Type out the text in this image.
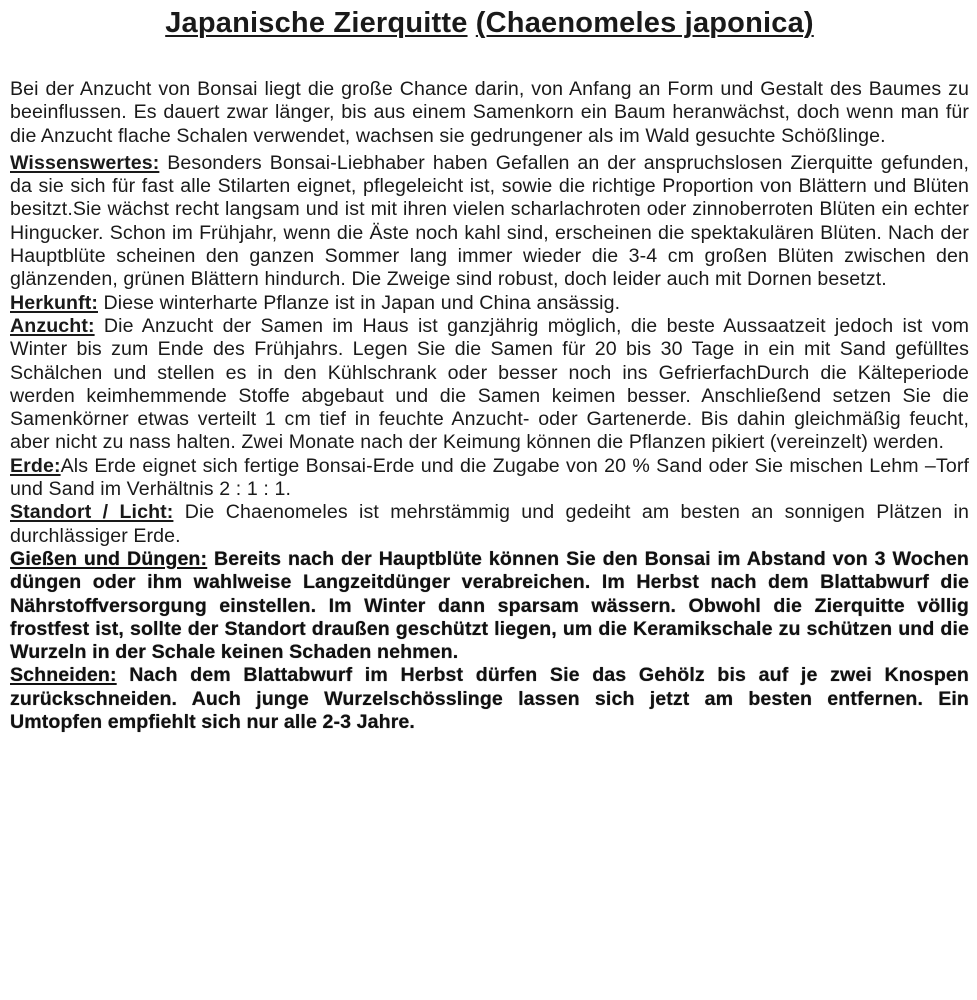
Japanische Zierquitte (Chaenomeles japonica)

Bei der Anzucht von Bonsai liegt die große Chance darin, von Anfang an Form und Gestalt des Baumes zu beeinflussen. Es dauert zwar länger, bis aus einem Samenkorn ein Baum heranwächst, doch wenn man für die Anzucht flache Schalen verwendet, wachsen sie gedrungener als im Wald gesuchte Schößlinge.

Wissenswertes: Besonders Bonsai-Liebhaber haben Gefallen an der anspruchslosen Zierquitte gefunden, da sie sich für fast alle Stilarten eignet, pflegeleicht ist, sowie die richtige Proportion von Blättern und Blüten besitzt.Sie wächst recht langsam und ist mit ihren vielen scharlachroten oder zinnoberroten Blüten ein echter Hingucker. Schon im Frühjahr, wenn die Äste noch kahl sind, erscheinen die spektakulären Blüten. Nach der Hauptblüte scheinen den ganzen Sommer lang immer wieder die 3-4 cm großen Blüten zwischen den glänzenden, grünen Blättern hindurch. Die Zweige sind robust, doch leider auch mit Dornen besetzt.

Herkunft: Diese winterharte Pflanze ist in Japan und China ansässig.

Anzucht: Die Anzucht der Samen im Haus ist ganzjährig möglich, die beste Aussaatzeit jedoch ist vom Winter bis zum Ende des Frühjahrs. Legen Sie die Samen für 20 bis 30 Tage in ein mit Sand gefülltes Schälchen und stellen es in den Kühlschrank oder besser noch ins GefrierfachDurch die Kälteperiode werden keimhemmende Stoffe abgebaut und die Samen keimen besser. Anschließend setzen Sie die Samenkörner etwas verteilt 1 cm tief in feuchte Anzucht- oder Gartenerde. Bis dahin gleichmäßig feucht, aber nicht zu nass halten. Zwei Monate nach der Keimung können die Pflanzen pikiert (vereinzelt) werden.

Erde:Als Erde eignet sich fertige Bonsai-Erde und die Zugabe von 20 % Sand oder Sie mischen Lehm –Torf und Sand im Verhältnis 2 : 1 : 1.

Standort / Licht: Die Chaenomeles ist mehrstämmig und gedeiht am besten an sonnigen Plätzen in durchlässiger Erde.

Gießen und Düngen: Bereits nach der Hauptblüte können Sie den Bonsai im Abstand von 3 Wochen düngen oder ihm wahlweise Langzeitdünger verabreichen. Im Herbst nach dem Blattabwurf die Nährstoffversorgung einstellen. Im Winter dann sparsam wässern. Obwohl die Zierquitte völlig frostfest ist, sollte der Standort draußen geschützt liegen, um die Keramikschale zu schützen und die Wurzeln in der Schale keinen Schaden nehmen.

Schneiden: Nach dem Blattabwurf im Herbst dürfen Sie das Gehölz bis auf je zwei Knospen zurückschneiden. Auch junge Wurzelschösslinge lassen sich jetzt am besten entfernen. Ein Umtopfen empfiehlt sich nur alle 2-3 Jahre.
